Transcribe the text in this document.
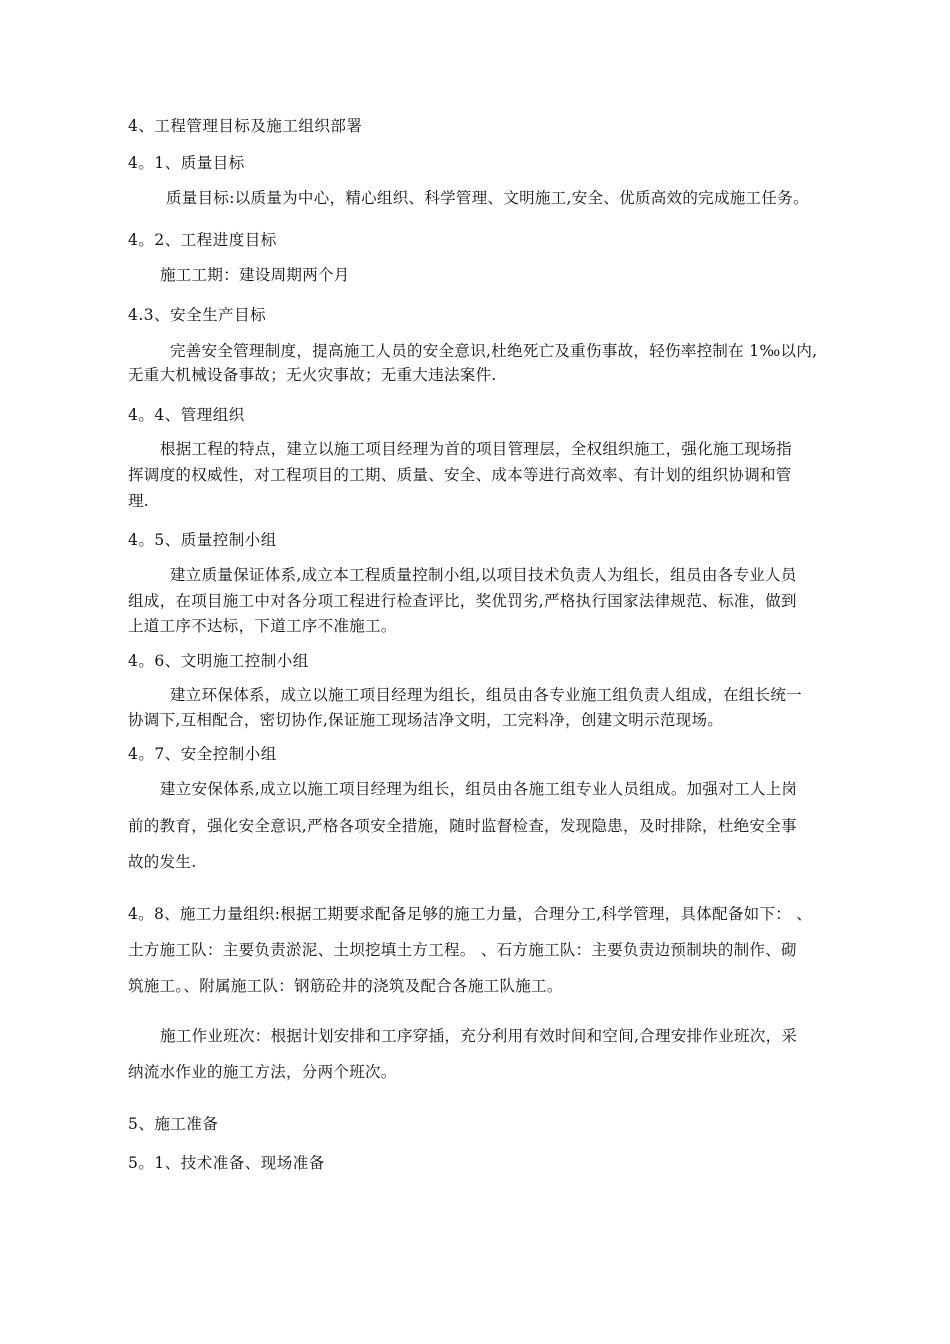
4、工程管理目标及施工组织部署
4。1、质量目标
质量目标:以质量为中心，精心组织、科学管理、文明施工,安全、优质高效的完成施工任务。
4。2、工程进度目标
施工工期：建设周期两个月
4.3、安全生产目标
完善安全管理制度，提高施工人员的安全意识,杜绝死亡及重伤事故，轻伤率控制在 1‰以内,
无重大机械设备事故；无火灾事故；无重大违法案件.
4。4、管理组织
根据工程的特点，建立以施工项目经理为首的项目管理层，全权组织施工，强化施工现场指
挥调度的权威性，对工程项目的工期、质量、安全、成本等进行高效率、有计划的组织协调和管
理.
4。5、质量控制小组
建立质量保证体系,成立本工程质量控制小组,以项目技术负责人为组长，组员由各专业人员
组成，在项目施工中对各分项工程进行检查评比，奖优罚劣,严格执行国家法律规范、标准，做到
上道工序不达标，下道工序不准施工。
4。6、文明施工控制小组
建立环保体系，成立以施工项目经理为组长，组员由各专业施工组负责人组成，在组长统一
协调下,互相配合，密切协作,保证施工现场洁净文明，工完料净，创建文明示范现场。
4。7、安全控制小组
建立安保体系,成立以施工项目经理为组长，组员由各施工组专业人员组成。加强对工人上岗
前的教育，强化安全意识,严格各项安全措施，随时监督检查，发现隐患，及时排除，杜绝安全事
故的发生.
4。8、施工力量组织:根据工期要求配备足够的施工力量，合理分工,科学管理，具体配备如下： 、
土方施工队：主要负责淤泥、土坝挖填土方工程。 、石方施工队：主要负责边预制块的制作、砌
筑施工。、附属施工队：钢筋砼井的浇筑及配合各施工队施工。
施工作业班次：根据计划安排和工序穿插，充分利用有效时间和空间,合理安排作业班次，采
纳流水作业的施工方法，分两个班次。
5、施工准备
5。1、技术准备、现场准备
